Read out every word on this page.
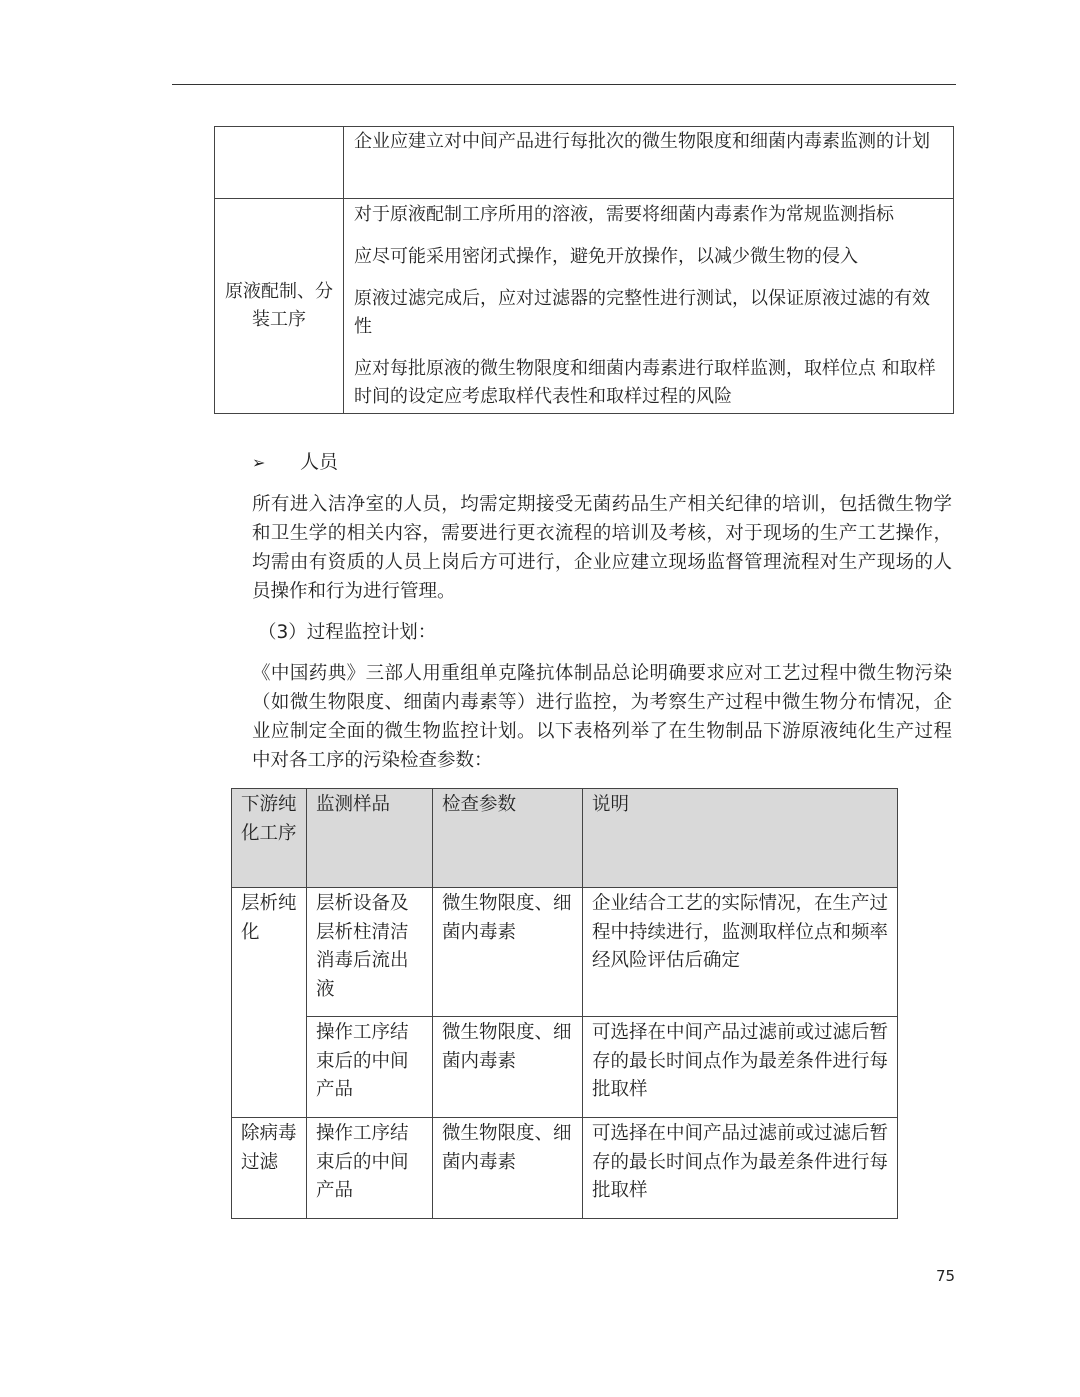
	企业应建立对中间产品进行每批次的微生物限度和细菌内毒素监测的计划

原液配制、分装工序	对于原液配制工序所用的溶液，需要将细菌内毒素作为常规监测指标

应尽可能采用密闭式操作，避免开放操作，以减少微生物的侵入

原液过滤完成后，应对过滤器的完整性进行测试，以保证原液过滤的有效性

应对每批原液的微生物限度和细菌内毒素进行取样监测，取样位点 和取样时间的设定应考虑取样代表性和取样过程的风险

➢ 人员

所有进入洁净室的人员，均需定期接受无菌药品生产相关纪律的培训，包括微生物学和卫生学的相关内容，需要进行更衣流程的培训及考核，对于现场的生产工艺操作，均需由有资质的人员上岗后方可进行，企业应建立现场监督管理流程对生产现场的人员操作和行为进行管理。

（3）过程监控计划：

《中国药典》三部人用重组单克隆抗体制品总论明确要求应对工艺过程中微生物污染（如微生物限度、细菌内毒素等）进行监控，为考察生产过程中微生物分布情况，企业应制定全面的微生物监控计划。以下表格列举了在生物制品下游原液纯化生产过程中对各工序的污染检查参数：

下游纯化工序	监测样品	检查参数	说明
层析纯化	层析设备及层析柱清洁消毒后流出液	微生物限度、细菌内毒素	企业结合工艺的实际情况，在生产过程中持续进行，监测取样位点和频率经风险评估后确定
	操作工序结束后的中间产品	微生物限度、细菌内毒素	可选择在中间产品过滤前或过滤后暂存的最长时间点作为最差条件进行每批取样
除病毒过滤	操作工序结束后的中间产品	微生物限度、细菌内毒素	可选择在中间产品过滤前或过滤后暂存的最长时间点作为最差条件进行每批取样
75
